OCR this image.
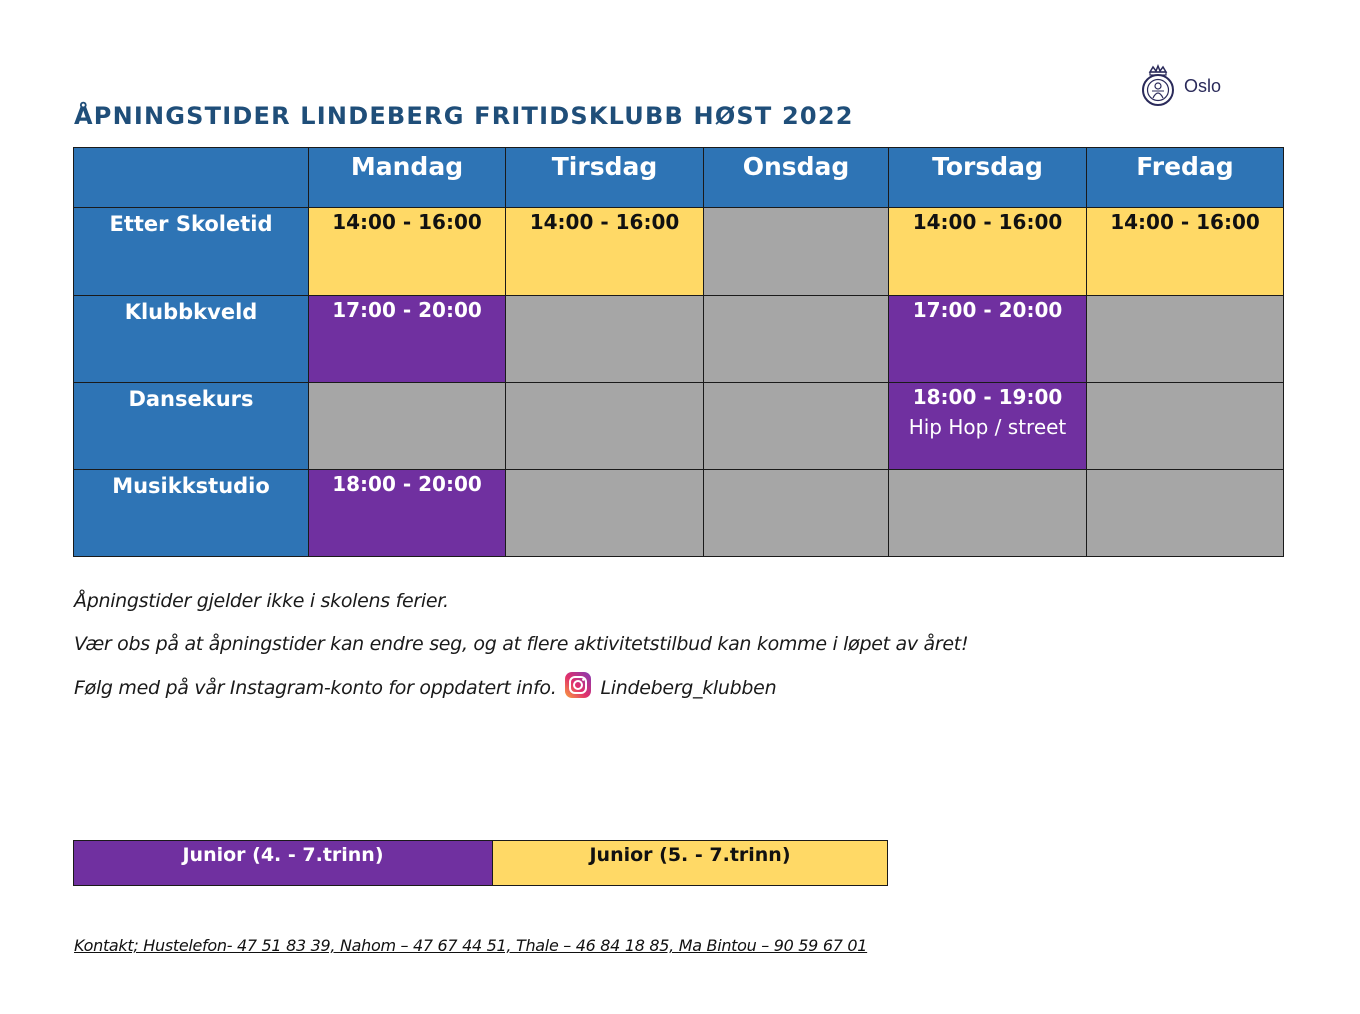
Oslo
ÅPNINGSTIDER LINDEBERG FRITIDSKLUBB HØST 2022
	Mandag	Tirsdag	Onsdag	Torsdag	Fredag
Etter Skoletid	14:00 - 16:00	14:00 - 16:00		14:00 - 16:00	14:00 - 16:00

Klubbkveld	17:00 - 20:00			17:00 - 20:00	

Dansekurs				18:00 - 19:00
Hip Hop / street	

Musikkstudio	18:00 - 20:00				

Åpningstider gjelder ikke i skolens ferier.

Vær obs på at åpningstider kan endre seg, og at flere aktivitetstilbud kan komme i løpet av året!

Følg med på vår Instagram-konto for oppdatert info. Lindeberg_klubben

Junior (4. - 7.trinn)	Junior (5. - 7.trinn)

Kontakt; Hustelefon- 47 51 83 39, Nahom – 47 67 44 51, Thale – 46 84 18 85, Ma Bintou – 90 59 67 01
